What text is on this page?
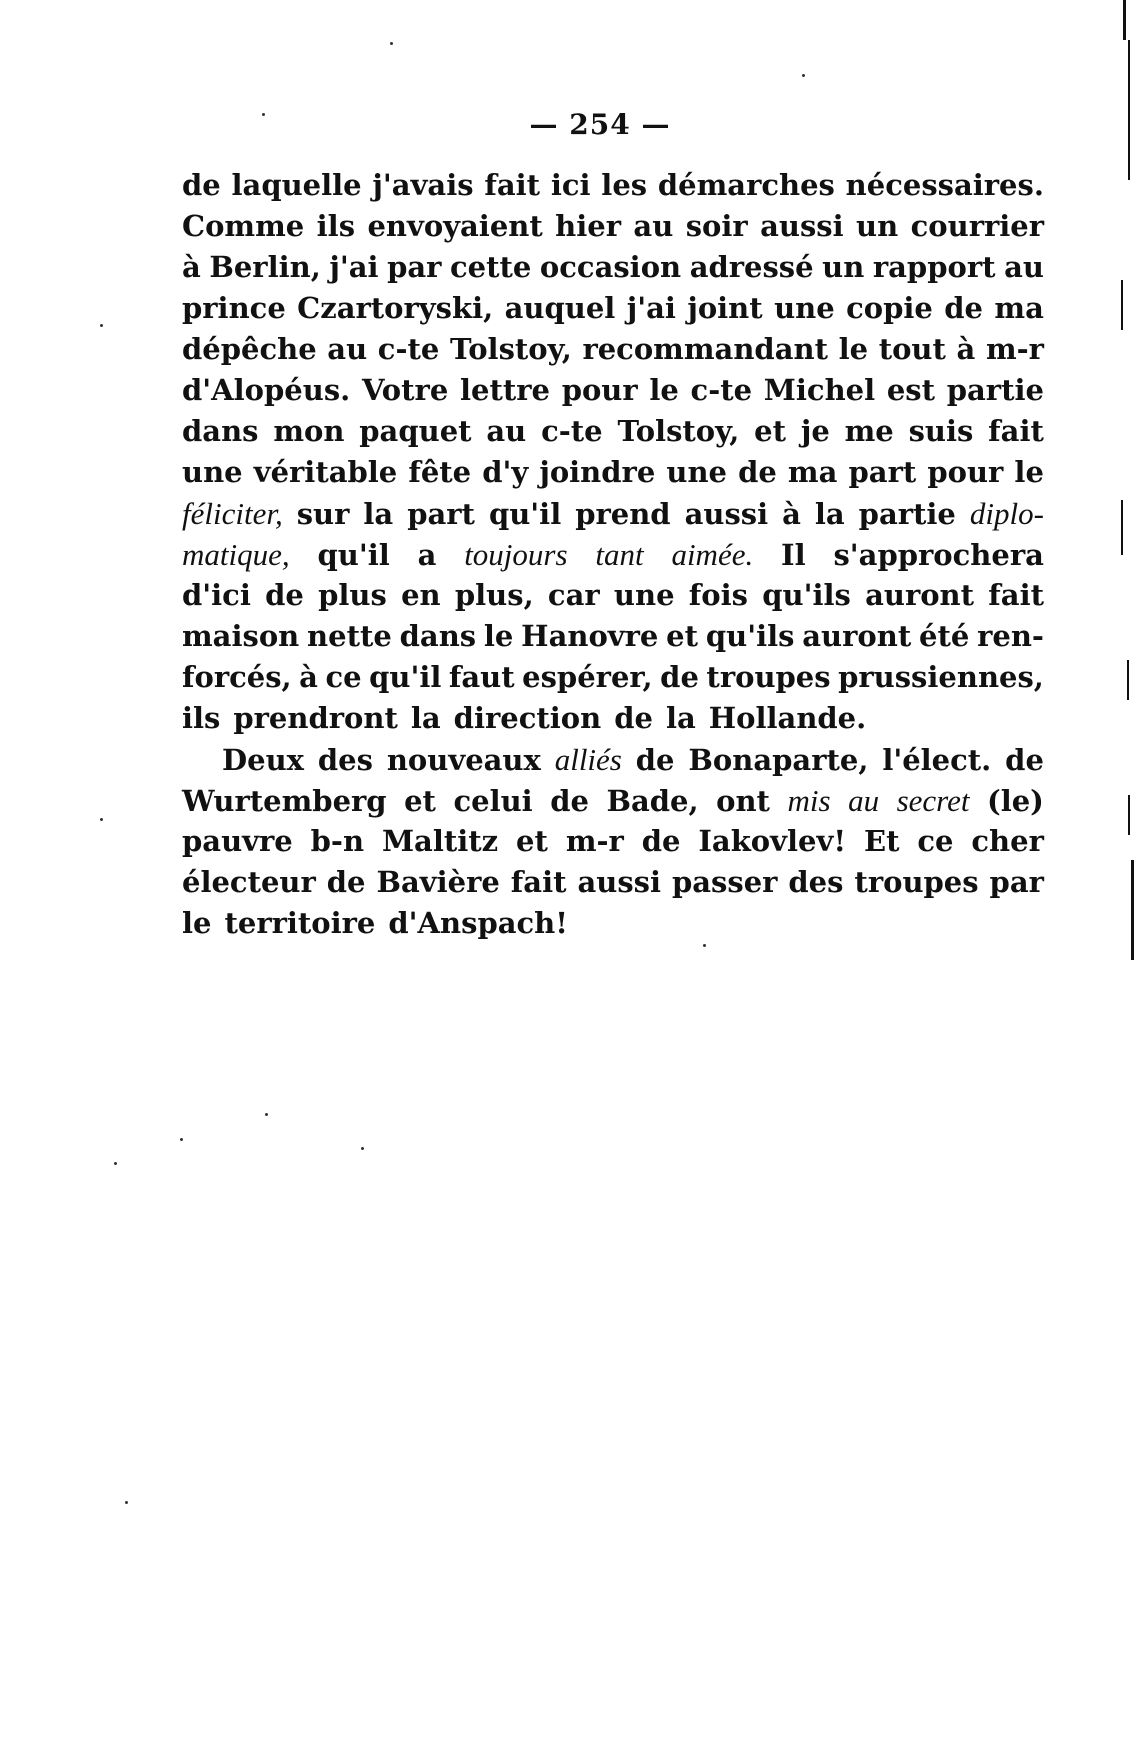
— 254 —
de laquelle j'avais fait ici les démarches nécessaires.
Comme ils envoyaient hier au soir aussi un courrier
à Berlin, j'ai par cette occasion adressé un rapport au
prince Czartoryski, auquel j'ai joint une copie de ma
dépêche au c-te Tolstoy, recommandant le tout à m-r
d'Alopéus. Votre lettre pour le c-te Michel est partie
dans mon paquet au c-te Tolstoy, et je me suis fait
une véritable fête d'y joindre une de ma part pour le
féliciter, sur la part qu'il prend aussi à la partie diplo-
matique, qu'il a toujours tant aimée. Il s'approchera
d'ici de plus en plus, car une fois qu'ils auront fait
maison nette dans le Hanovre et qu'ils auront été ren-
forcés, à ce qu'il faut espérer, de troupes prussiennes,
ils prendront la direction de la Hollande.
Deux des nouveaux alliés de Bonaparte, l'élect. de
Wurtemberg et celui de Bade, ont mis au secret (le)
pauvre b-n Maltitz et m-r de Iakovlev! Et ce cher
électeur de Bavière fait aussi passer des troupes par
le territoire d'Anspach!
